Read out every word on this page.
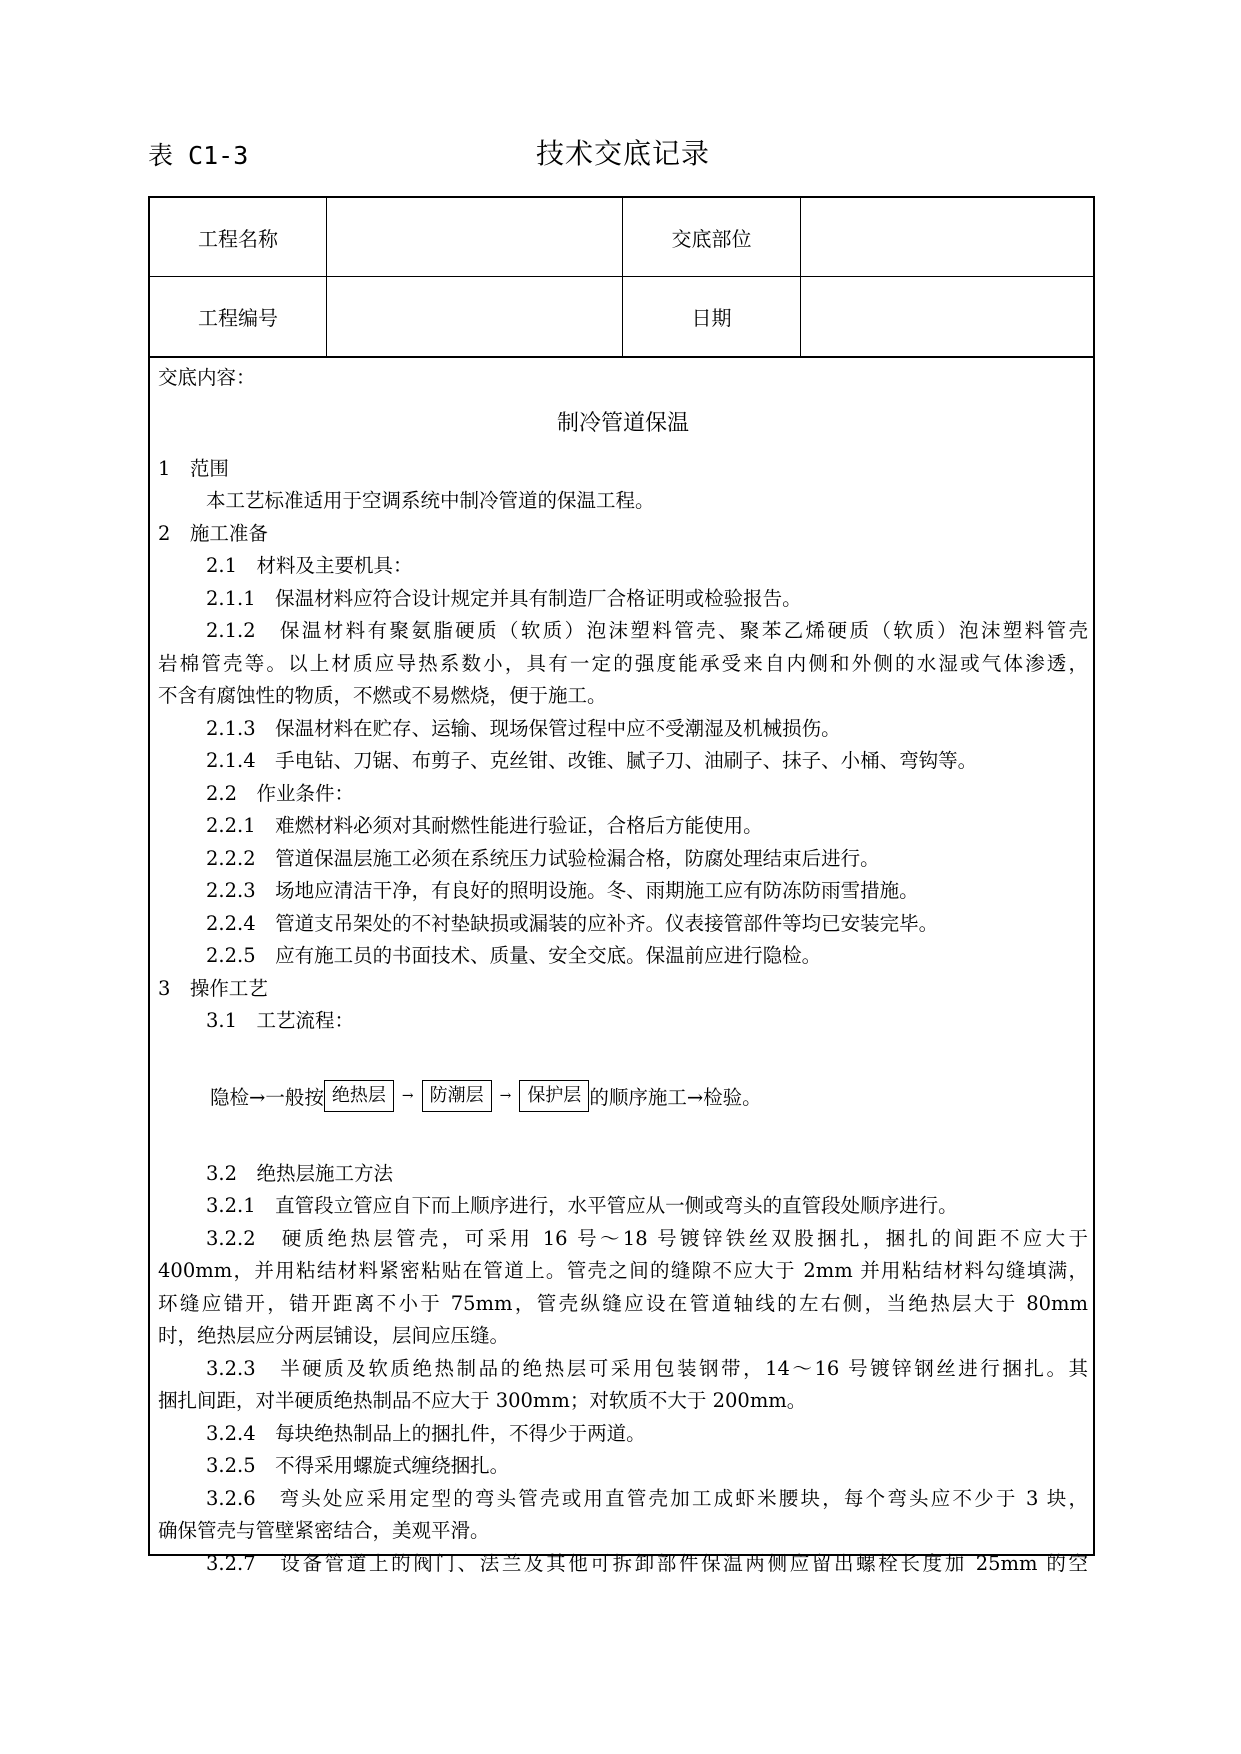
表 C1-3	技术交底记录
工程名称	交底部位
工程编号	日期
交底内容：
制冷管道保温
1　范围
本工艺标准适用于空调系统中制冷管道的保温工程。
2　施工准备
2.1　材料及主要机具：
2.1.1　保温材料应符合设计规定并具有制造厂合格证明或检验报告。
2.1.2　保温材料有聚氨脂硬质（软质）泡沫塑料管壳、聚苯乙烯硬质（软质）泡沫塑料管壳
岩棉管壳等。以上材质应导热系数小，具有一定的强度能承受来自内侧和外侧的水湿或气体渗透，
不含有腐蚀性的物质，不燃或不易燃烧，便于施工。
2.1.3　保温材料在贮存、运输、现场保管过程中应不受潮湿及机械损伤。
2.1.4　手电钻、刀锯、布剪子、克丝钳、改锥、腻子刀、油刷子、抹子、小桶、弯钩等。
2.2　作业条件：
2.2.1　难燃材料必须对其耐燃性能进行验证，合格后方能使用。
2.2.2　管道保温层施工必须在系统压力试验检漏合格，防腐处理结束后进行。
2.2.3　场地应清洁干净，有良好的照明设施。冬、雨期施工应有防冻防雨雪措施。
2.2.4　管道支吊架处的不衬垫缺损或漏装的应补齐。仪表接管部件等均已安装完毕。
2.2.5　应有施工员的书面技术、质量、安全交底。保温前应进行隐检。
3　操作工艺
3.1　工艺流程：
隐检→一般按 绝热层	→ 防潮层	→ 保护层 的顺序施工→检验。
3.2　绝热层施工方法
3.2.1　直管段立管应自下而上顺序进行，水平管应从一侧或弯头的直管段处顺序进行。
3.2.2　硬质绝热层管壳，可采用 16 号～18 号镀锌铁丝双股捆扎，捆扎的间距不应大于
400mm，并用粘结材料紧密粘贴在管道上。管壳之间的缝隙不应大于 2mm 并用粘结材料勾缝填满，
环缝应错开，错开距离不小于 75mm，管壳纵缝应设在管道轴线的左右侧，当绝热层大于 80mm
时，绝热层应分两层铺设，层间应压缝。
3.2.3　半硬质及软质绝热制品的绝热层可采用包装钢带，14～16 号镀锌钢丝进行捆扎。其
捆扎间距，对半硬质绝热制品不应大于 300mm；对软质不大于 200mm。
3.2.4　每块绝热制品上的捆扎件，不得少于两道。
3.2.5　不得采用螺旋式缠绕捆扎。
3.2.6　弯头处应采用定型的弯头管壳或用直管壳加工成虾米腰块，每个弯头应不少于 3 块，
确保管壳与管壁紧密结合，美观平滑。
3.2.7　设备管道上的阀门、法兰及其他可拆卸部件保温两侧应留出螺栓长度加 25mm 的空
